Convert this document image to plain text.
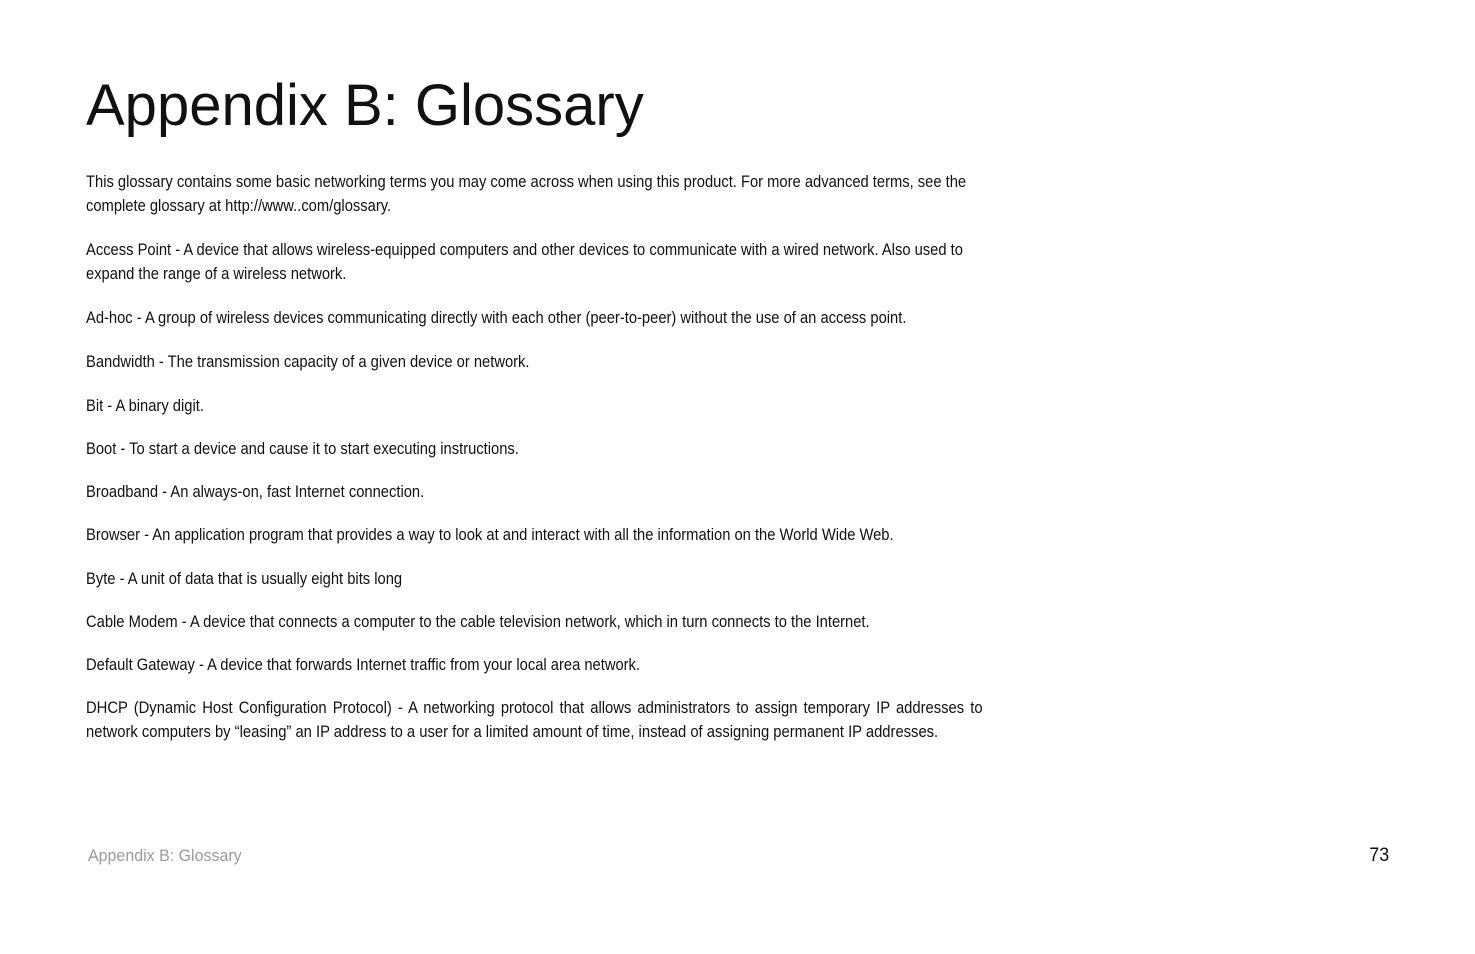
Appendix B: Glossary

This glossary contains some basic networking terms you may come across when using this product. For more advanced terms, see the complete glossary at http://www..com/glossary.

Access Point - A device that allows wireless-equipped computers and other devices to communicate with a wired network. Also used to expand the range of a wireless network.

Ad-hoc - A group of wireless devices communicating directly with each other (peer-to-peer) without the use of an access point.

Bandwidth - The transmission capacity of a given device or network.

Bit - A binary digit.

Boot - To start a device and cause it to start executing instructions.

Broadband - An always-on, fast Internet connection.

Browser - An application program that provides a way to look at and interact with all the information on the World Wide Web.

Byte - A unit of data that is usually eight bits long

Cable Modem - A device that connects a computer to the cable television network, which in turn connects to the Internet.

Default Gateway - A device that forwards Internet traffic from your local area network.

DHCP (Dynamic Host Configuration Protocol) - A networking protocol that allows administrators to assign temporary IP addresses to network computers by “leasing” an IP address to a user for a limited amount of time, instead of assigning permanent IP addresses.

Appendix B: Glossary	73
